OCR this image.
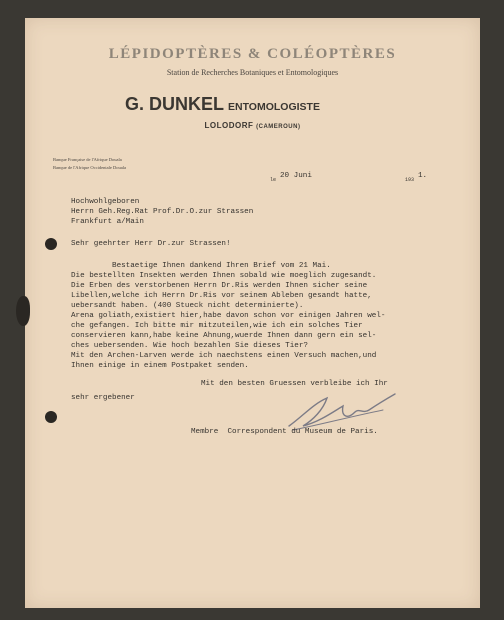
LÉPIDOPTÈRES & COLÉOPTÈRES
Station de Recherches Botaniques et Entomologiques
G. DUNKEL ENTOMOLOGISTE
LOLODORF (CAMEROUN)
Banque Française de l'Afrique Douala
Banque de l'Afrique Occidentale Douala
le 20 Juni	193 1.
Hochwohlgeboren
Herrn Geh.Reg.Rat Prof.Dr.O.zur Strassen
Frankfurt a/Main
Sehr geehrter Herr Dr.zur Strassen!
Bestaetige Ihnen dankend Ihren Brief vom 21 Mai.
Die bestellten Insekten werden Ihnen sobald wie moeglich zugesandt.
Die Erben des verstorbenen Herrn Dr.Ris werden Ihnen sicher seine
Libellen,welche ich Herrn Dr.Ris vor seinem Ableben gesandt hatte,
uebersandt haben. (400 Stueck nicht determinierte).
Arena goliath,existiert hier,habe davon schon vor einigen Jahren wel-
che gefangen. Ich bitte mir mitzuteilen,wie ich ein solches Tier
conservieren kann,habe keine Ahnung,wuerde Ihnen dann gern ein sel-
ches uebersenden. Wie hoch bezahlen Sie dieses Tier?
Mit den Archen-Larven werde ich naechstens einen Versuch machen,und
Ihnen einige in einem Postpaket senden.
Mit den besten Gruessen verbleibe ich Ihr
sehr ergebener
Membre  Correspondent du Museum de Paris.
